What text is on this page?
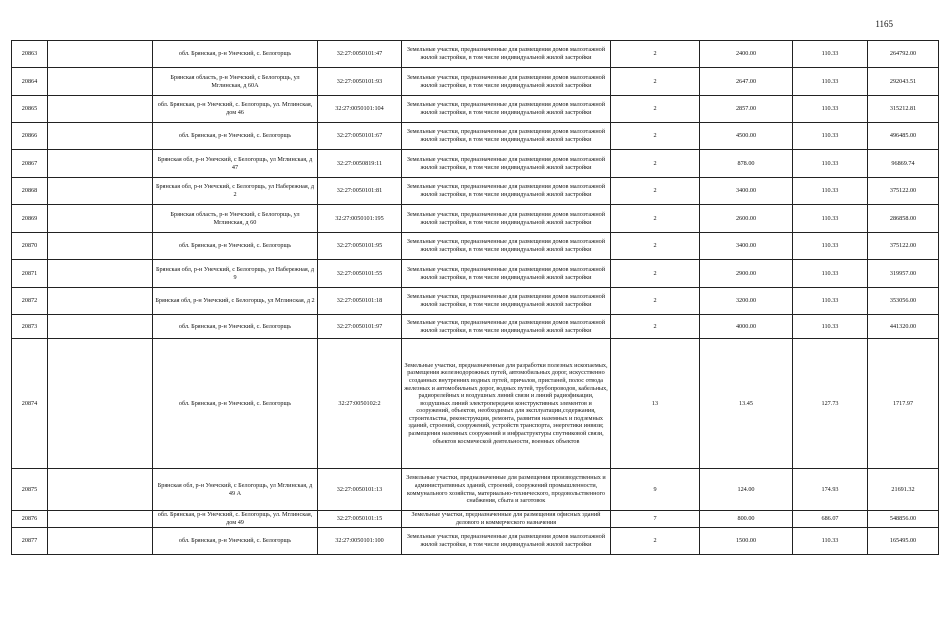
1165
20863		обл. Брянская, р-н Унечский, с. Белогорщь	32:27:0050101:47	Земельные участки, предназначенные для размещения домов малоэтажной жилой застройки, в том числе индивидуальной жилой застройки	2	2400.00	110.33	264792.00
20864		Брянская область, р-н Унечский, с Белогорщь, ул Мглинская, д 60А	32:27:0050101:93	Земельные участки, предназначенные для размещения домов малоэтажной жилой застройки, в том числе индивидуальной жилой застройки	2	2647.00	110.33	292043.51
20865		обл. Брянская, р-н Унечский, с. Белогорщь, ул. Мглинская, дом 46	32:27:0050101:104	Земельные участки, предназначенные для размещения домов малоэтажной жилой застройки, в том числе индивидуальной жилой застройки	2	2857.00	110.33	315212.81
20866		обл. Брянская, р-н Унечский, с. Белогорщь	32:27:0050101:67	Земельные участки, предназначенные для размещения домов малоэтажной жилой застройки, в том числе индивидуальной жилой застройки	2	4500.00	110.33	496485.00
20867		Брянская обл, р-н Унечский, с Белогорщь, ул Мглинская, д 47	32:27:0050819:11	Земельные участки, предназначенные для размещения домов малоэтажной жилой застройки, в том числе индивидуальной жилой застройки	2	878.00	110.33	96869.74
20868		Брянская обл, р-н Унечский, с Белогорщь, ул Набережная, д 2	32:27:0050101:81	Земельные участки, предназначенные для размещения домов малоэтажной жилой застройки, в том числе индивидуальной жилой застройки	2	3400.00	110.33	375122.00
20869		Брянская область, р-н Унечский, с Белогорщь, ул Мглинская, д 60	32:27:0050101:195	Земельные участки, предназначенные для размещения домов малоэтажной жилой застройки, в том числе индивидуальной жилой застройки	2	2600.00	110.33	286858.00
20870		обл. Брянская, р-н Унечский, с. Белогорщь	32:27:0050101:95	Земельные участки, предназначенные для размещения домов малоэтажной жилой застройки, в том числе индивидуальной жилой застройки	2	3400.00	110.33	375122.00
20871		Брянская обл, р-н Унечский, с Белогорщь, ул Набережная, д 9	32:27:0050101:55	Земельные участки, предназначенные для размещения домов малоэтажной жилой застройки, в том числе индивидуальной жилой застройки	2	2900.00	110.33	319957.00
20872		Брянская обл, р-н Унечский, с Белогорщь, ул Мглинская, д 2	32:27:0050101:18	Земельные участки, предназначенные для размещения домов малоэтажной жилой застройки, в том числе индивидуальной жилой застройки	2	3200.00	110.33	353056.00
20873		обл. Брянская, р-н Унечский, с. Белогорщь	32:27:0050101:97	Земельные участки, предназначенные для размещения домов малоэтажной жилой застройки, в том числе индивидуальной жилой застройки	2	4000.00	110.33	441320.00
20874		обл. Брянская, р-н Унечский, с. Белогорщь	32:27:0050102:2	Земельные участки, предназначенные для разработки полезных ископаемых, размещения железнодорожных путей, автомобильных дорог, искусственно созданных внутренних водных путей, причалов, пристаней, полос отвода железных и автомобильных дорог, водных путей, трубопроводов, кабельных, радиорелейных и воздушных линий связи и линий радиофикации, воздушных линий электропередачи конструктивных элементов и сооружений, объектов, необходимых для эксплуатации,содержания, строительства, реконструкции, ремонта, развития наземных и подземных зданий, строений, сооружений, устройств транспорта, энергетики инвязи; размещения наземных сооружений и инфраструктуры спутниковой связи, объектов космической деятельности, военных объектов	13	13.45	127.73	1717.97
20875		Брянская обл, р-н Унечский, с Белогорщь, ул Мглинская, д 49 А	32:27:0050101:13	Земельные участки, предназначенные для размещения производственных и административных зданий, строений, сооружений промышленности, коммунального хозяйства, материально-технического, продовольственного снабжения, сбыта и заготовок	9	124.00	174.93	21691.32
20876		обл. Брянская, р-н Унечский, с. Белогорщь, ул. Мглинская, дом 49	32:27:0050101:15	Земельные участки, предназначенные для размещения офисных зданий делового и коммерческого назначения	7	800.00	686.07	548856.00
20877		обл. Брянская, р-н Унечский, с. Белогорщь	32:27:0050101:100	Земельные участки, предназначенные для размещения домов малоэтажной жилой застройки, в том числе индивидуальной жилой застройки	2	1500.00	110.33	165495.00
